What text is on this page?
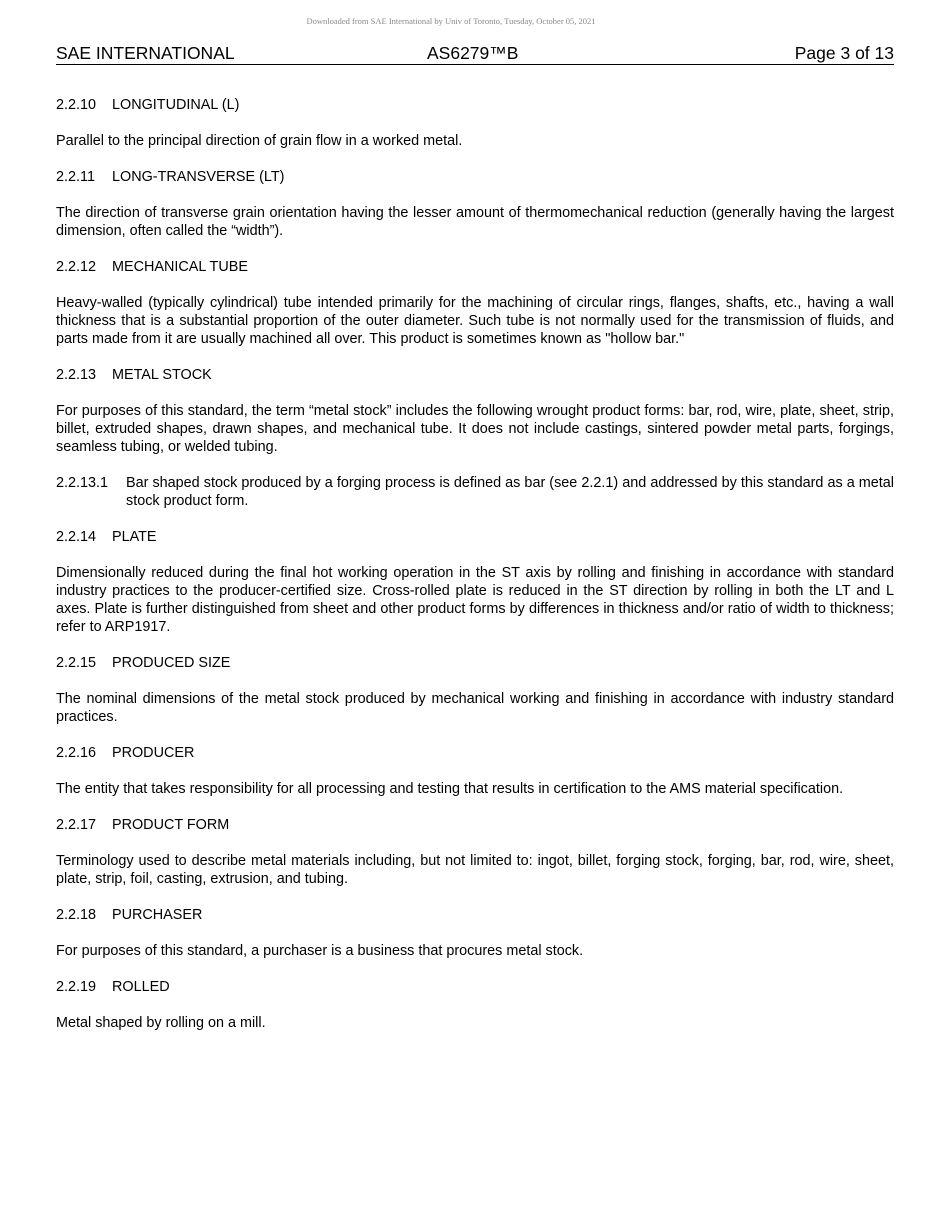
Downloaded from SAE International by Univ of Toronto, Tuesday, October 05, 2021
SAE INTERNATIONAL	AS6279™B	Page 3 of 13
2.2.10 LONGITUDINAL (L)

Parallel to the principal direction of grain flow in a worked metal.

2.2.11 LONG-TRANSVERSE (LT)

The direction of transverse grain orientation having the lesser amount of thermomechanical reduction (generally having the largest dimension, often called the “width”).

2.2.12 MECHANICAL TUBE

Heavy-walled (typically cylindrical) tube intended primarily for the machining of circular rings, flanges, shafts, etc., having a wall thickness that is a substantial proportion of the outer diameter. Such tube is not normally used for the transmission of fluids, and parts made from it are usually machined all over. This product is sometimes known as "hollow bar."

2.2.13 METAL STOCK

For purposes of this standard, the term “metal stock” includes the following wrought product forms: bar, rod, wire, plate, sheet, strip, billet, extruded shapes, drawn shapes, and mechanical tube. It does not include castings, sintered powder metal parts, forgings, seamless tubing, or welded tubing.

2.2.13.1	Bar shaped stock produced by a forging process is defined as bar (see 2.2.1) and addressed by this standard as a metal stock product form.
2.2.14 PLATE

Dimensionally reduced during the final hot working operation in the ST axis by rolling and finishing in accordance with standard industry practices to the producer-certified size. Cross-rolled plate is reduced in the ST direction by rolling in both the LT and L axes. Plate is further distinguished from sheet and other product forms by differences in thickness and/or ratio of width to thickness; refer to ARP1917.

2.2.15 PRODUCED SIZE

The nominal dimensions of the metal stock produced by mechanical working and finishing in accordance with industry standard practices.

2.2.16 PRODUCER

The entity that takes responsibility for all processing and testing that results in certification to the AMS material specification.

2.2.17 PRODUCT FORM

Terminology used to describe metal materials including, but not limited to: ingot, billet, forging stock, forging, bar, rod, wire, sheet, plate, strip, foil, casting, extrusion, and tubing.

2.2.18 PURCHASER

For purposes of this standard, a purchaser is a business that procures metal stock.

2.2.19 ROLLED

Metal shaped by rolling on a mill.
